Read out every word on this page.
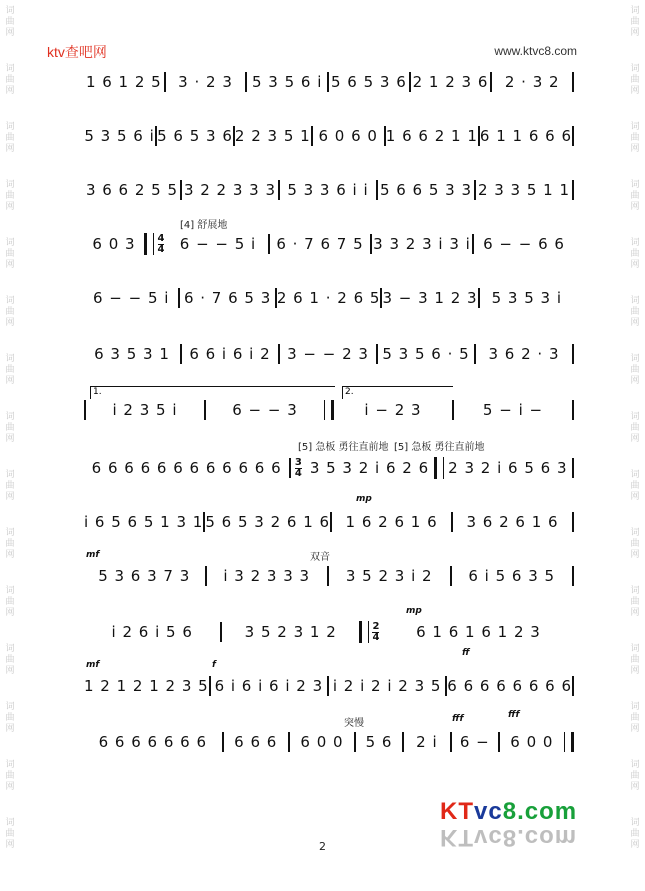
词曲网
词曲网
词曲网
词曲网
词曲网
词曲网
词曲网
词曲网
词曲网
词曲网
词曲网
词曲网
词曲网
词曲网
词曲网
词曲网
词曲网
词曲网
词曲网
词曲网
词曲网
词曲网
词曲网
词曲网
词曲网
词曲网
词曲网
词曲网
词曲网
词曲网
ktv查吧网	www.ktvc8.com
1 6 1 2 5	3 · 2 3	5 3 5 6 i 5 6 5 3 6 2 1 2 3 6	2 · 3 2
5 3 5 6 i 5 6 5 3 6 2 2 3 5 1 6 0 6 0 1 6 6 2 1 1 6 1 1 6 6 6
3 6 6 2 5 5 3 2 2 3 3 3 5 3 3 6 i i 5 6 6 5 3 3 2 3 3 5 1 1
[4] 舒展地
6 0 3	4
4	6 − − 5 i	6 · 7 6 7 5 3 3 2 3 i 3 i 6 − − 6 6
6 − − 5 i 6 · 7 6 5 3 2 6 1 · 2 6 5 3 − 3 1 2 3 5 3 5 3 i
6 3 5 3 1	6 6 i 6 i 2	3 − − 2 3 5 3 5 6 · 5	3 6 2 · 3
1.	2.
i 2 3 5 i	6 − − 3	i − 2 3	5 − i −
[5] 急板 勇往直前地 [5] 急板 勇往直前地
6 6 6 6 6 6 6 6 6 6 6 6	3
4 3 5 3 2 i 6 2 6 2 3 2 i 6 5 6 3
mp
i 6 5 6 5 1 3 1 5 6 5 3 2 6 1 6	1 6 2 6 1 6	3 6 2 6 1 6
mf	双音
5 3 6 3 7 3	i 3 2 3 3 3	3 5 2 3 i 2	6 i 5 6 3 5
mp
i 2 6 i 5 6	3 5 2 3 1 2	2
4	6 1 6 1 6 1 2 3
mf	f
ff
1 2 1 2 1 2 3 5 6 i 6 i 6 i 2 3 i 2 i 2 i 2 3 5 6 6 6 6 6 6 6 6
突慢	fff	fff
6 6 6 6 6 6 6	6 6 6	6 0 0	5 6	2 i	6 −	6 0 0
KTvc8.com
KTvc8.com
2
